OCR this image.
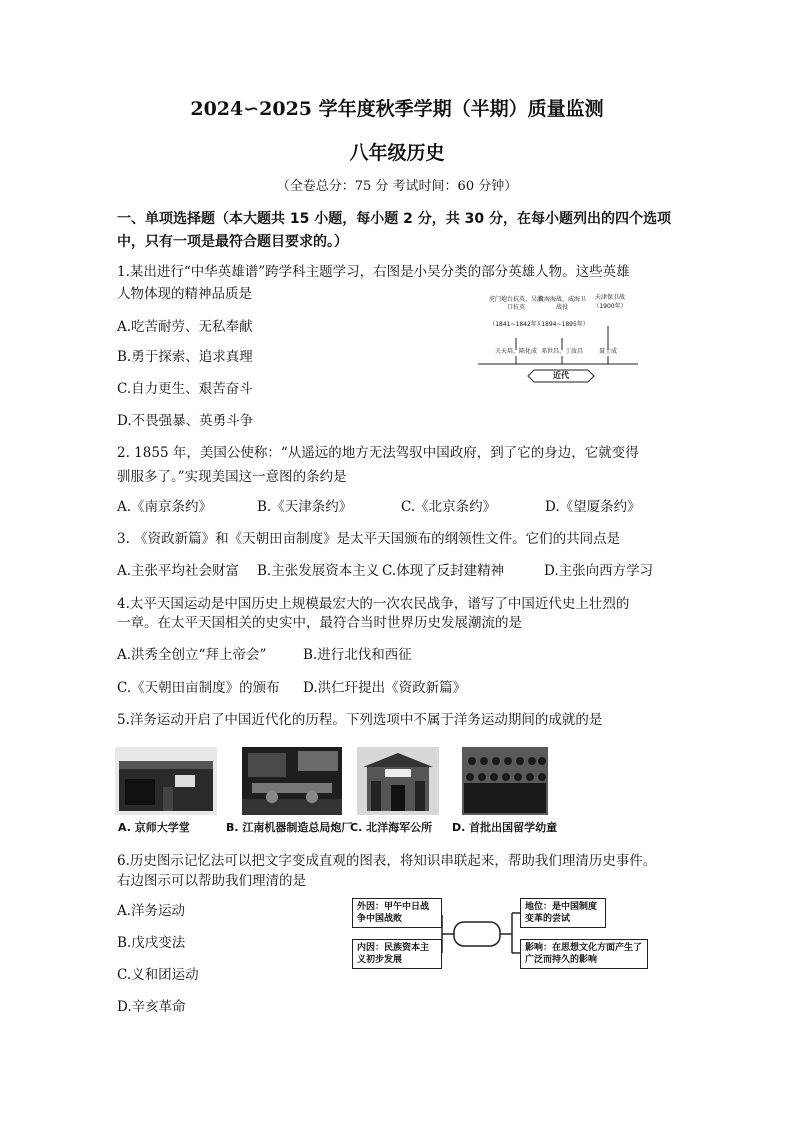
2024∽2025 学年度秋季学期（半期）质量监测
八年级历史
（全卷总分：75 分 考试时间：60 分钟）
一、单项选择题（本大题共 15 小题，每小题 2 分，共 30 分，在每小题列出的四个选项
中，只有一项是最符合题目要求的。）
1.某出进行“中华英雄谱”跨学科主题学习，右图是小吴分类的部分英雄人物。这些英雄
人物体现的精神品质是
A.吃苦耐劳、无私奉献
B.勇于探索、追求真理
C.自力更生、艰苦奋斗
D.不畏强暴、英勇斗争
虎门炮台抗英、吴淞口抗英
（1841~1842年）
关天培、陈化成
黄海海战、威海卫战役
（1894~1895年）
邓世昌、丁汝昌
天津保卫战
（1900年）
聂士成
近代
2. 1855 年，美国公使称：“从遥远的地方无法驾驭中国政府，到了它的身边，它就变得
驯服多了。”实现美国这一意图的条约是
A.《南京条约》	B.《天津条约》	C.《北京条约》	D.《望厦条约》
3. 《资政新篇》和《天朝田亩制度》是太平天国颁布的纲领性文件。它们的共同点是
A.主张平均社会财富 B.主张发展资本主义 C.体现了反封建精神	D.主张向西方学习
4.太平天国运动是中国历史上规模最宏大的一次农民战争，谱写了中国近代史上壮烈的
一章。在太平天国相关的史实中，最符合当时世界历史发展潮流的是
A.洪秀全创立“拜上帝会”	B.进行北伐和西征
C.《天朝田亩制度》的颁布 D.洪仁玕提出《资政新篇》
5.洋务运动开启了中国近代化的历程。下列选项中不属于洋务运动期间的成就的是
A. 京师大学堂	B. 江南机器制造总局炮厂
C. 北洋海军公所 D. 首批出国留学幼童
6.历史图示记忆法可以把文字变成直观的图表，将知识串联起来，帮助我们理清历史事件。
右边图示可以帮助我们理清的是
A.洋务运动
B.戊戌变法
C.义和团运动
D.辛亥革命
外因：甲午中日战争中国战败
内因：民族资本主义初步发展
地位：是中国制度变革的尝试
影响：在思想文化方面产生了广泛而持久的影响
